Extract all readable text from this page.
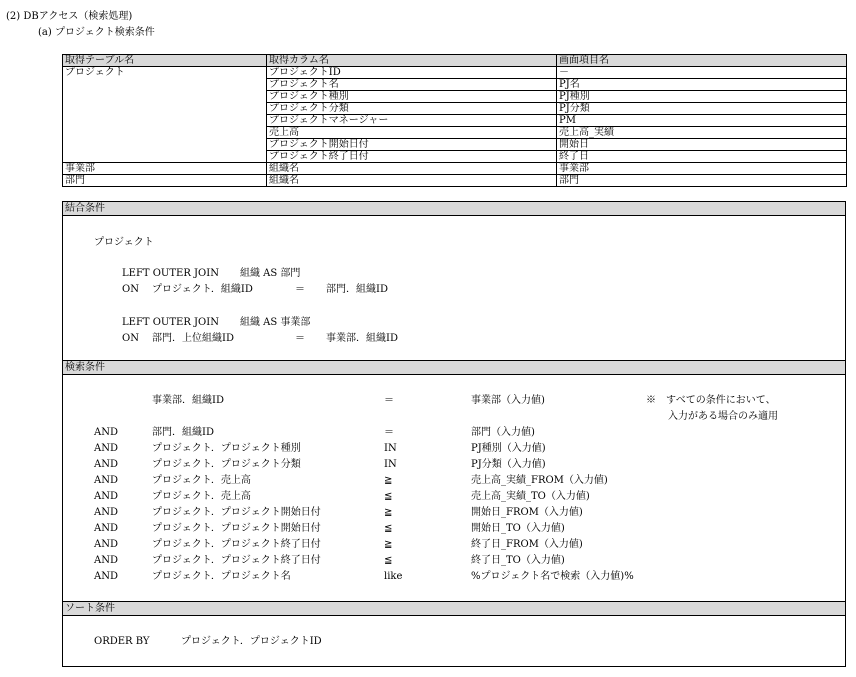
(2) DBアクセス（検索処理)
(a) プロジェクト検索条件
取得テーブル名	取得カラム名	画面項目名
プロジェクト	プロジェクトID	－
	プロジェクト名	PJ名
	プロジェクト種別	PJ種別
	プロジェクト分類	PJ分類
	プロジェクトマネージャー	PM
	売上高	売上高_実績
	プロジェクト開始日付	開始日
	プロジェクト終了日付	終了日
事業部	組織名	事業部
部門	組織名	部門
結合条件
プロジェクト
LEFT OUTER JOIN 組織 AS 部門
ON プロジェクト．組織ID	＝ 部門．組織ID
LEFT OUTER JOIN 組織 AS 事業部
ON 部門．上位組織ID	＝ 事業部．組織ID
検索条件
※　すべての条件において、
入力がある場合のみ適用
事業部．組織ID	＝	事業部（入力値)
AND	部門．組織ID	＝	部門（入力値)
AND	プロジェクト．プロジェクト種別	IN	PJ種別（入力値)
AND	プロジェクト．プロジェクト分類	IN	PJ分類（入力値)
AND	プロジェクト．売上高	≧	売上高_実績_FROM（入力値)
AND	プロジェクト．売上高	≦	売上高_実績_TO（入力値)
AND	プロジェクト．プロジェクト開始日付	≧	開始日_FROM（入力値)
AND	プロジェクト．プロジェクト開始日付	≦	開始日_TO（入力値)
AND	プロジェクト．プロジェクト終了日付	≧	終了日_FROM（入力値)
AND	プロジェクト．プロジェクト終了日付	≦	終了日_TO（入力値)
AND	プロジェクト．プロジェクト名	like	%プロジェクト名で検索（入力値)%
ソート条件
ORDER BY	プロジェクト．プロジェクトID
